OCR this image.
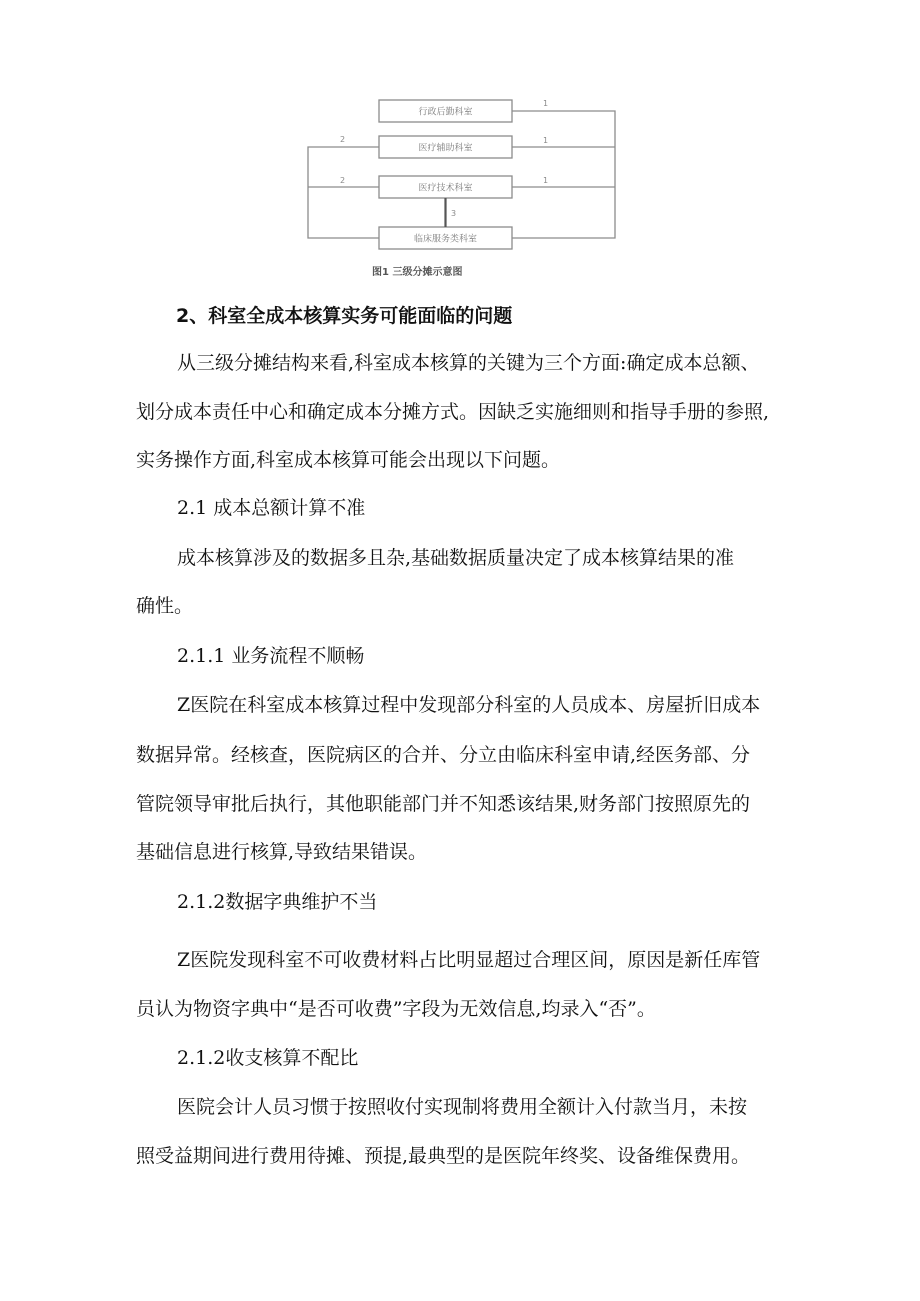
行政后勤科室
医疗辅助科室
医疗技术科室
临床服务类科室
1
2	1
2	1
3
图1 三级分摊示意图
2、科室全成本核算实务可能面临的问题
从三级分摊结构来看,科室成本核算的关键为三个方面:确定成本总额、
划分成本责任中心和确定成本分摊方式。因缺乏实施细则和指导手册的参照,
实务操作方面,科室成本核算可能会出现以下问题。
2.1 成本总额计算不准
成本核算涉及的数据多且杂,基础数据质量决定了成本核算结果的准
确性。
2.1.1 业务流程不顺畅
Z医院在科室成本核算过程中发现部分科室的人员成本、房屋折旧成本
数据异常。经核查，医院病区的合并、分立由临床科室申请,经医务部、分
管院领导审批后执行，其他职能部门并不知悉该结果,财务部门按照原先的
基础信息进行核算,导致结果错误。
2.1.2数据字典维护不当
Z医院发现科室不可收费材料占比明显超过合理区间，原因是新任库管
员认为物资字典中“是否可收费”字段为无效信息,均录入“否”。
2.1.2收支核算不配比
医院会计人员习惯于按照收付实现制将费用全额计入付款当月，未按
照受益期间进行费用待摊、预提,最典型的是医院年终奖、设备维保费用。
